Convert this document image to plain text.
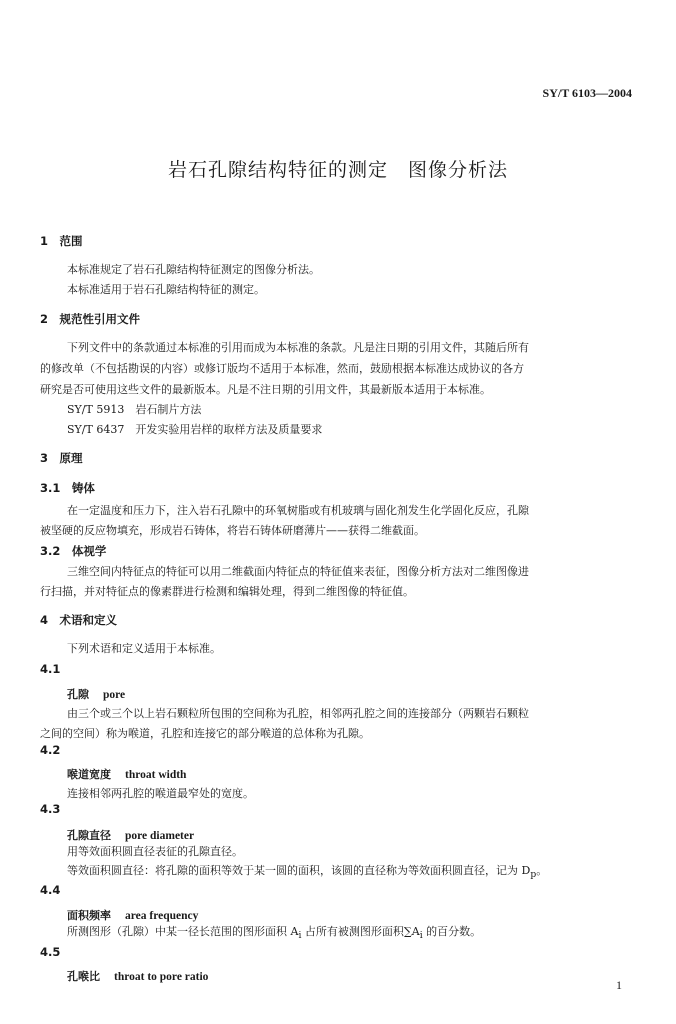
SY/T 6103—2004
岩石孔隙结构特征的测定　图像分析法
1　范围
本标准规定了岩石孔隙结构特征测定的图像分析法。
本标准适用于岩石孔隙结构特征的测定。
2　规范性引用文件
下列文件中的条款通过本标准的引用而成为本标准的条款。凡是注日期的引用文件，其随后所有
的修改单（不包括勘误的内容）或修订版均不适用于本标准，然而，鼓励根据本标准达成协议的各方
研究是否可使用这些文件的最新版本。凡是不注日期的引用文件，其最新版本适用于本标准。
SY/T 5913　岩石制片方法
SY/T 6437　开发实验用岩样的取样方法及质量要求
3　原理
3.1　铸体
在一定温度和压力下，注入岩石孔隙中的环氧树脂或有机玻璃与固化剂发生化学固化反应，孔隙
被坚硬的反应物填充，形成岩石铸体，将岩石铸体研磨薄片——获得二维截面。
3.2　体视学
三维空间内特征点的特征可以用二维截面内特征点的特征值来表征，图像分析方法对二维图像进
行扫描，并对特征点的像素群进行检测和编辑处理，得到二维图像的特征值。
4　术语和定义
下列术语和定义适用于本标准。
4.1
孔隙 pore
由三个或三个以上岩石颗粒所包围的空间称为孔腔，相邻两孔腔之间的连接部分（两颗岩石颗粒
之间的空间）称为喉道，孔腔和连接它的部分喉道的总体称为孔隙。
4.2
喉道宽度 throat width
连接相邻两孔腔的喉道最窄处的宽度。
4.3
孔隙直径 pore diameter
用等效面积圆直径表征的孔隙直径。
等效面积圆直径：将孔隙的面积等效于某一圆的面积，该圆的直径称为等效面积圆直径，记为 $D_p$。
4.4
面积频率 area frequency
所测图形（孔隙）中某一径长范围的图形面积 $A_i$ 占所有被测图形面积$\sum A_i$ 的百分数。
4.5
孔喉比 throat to pore ratio
1
